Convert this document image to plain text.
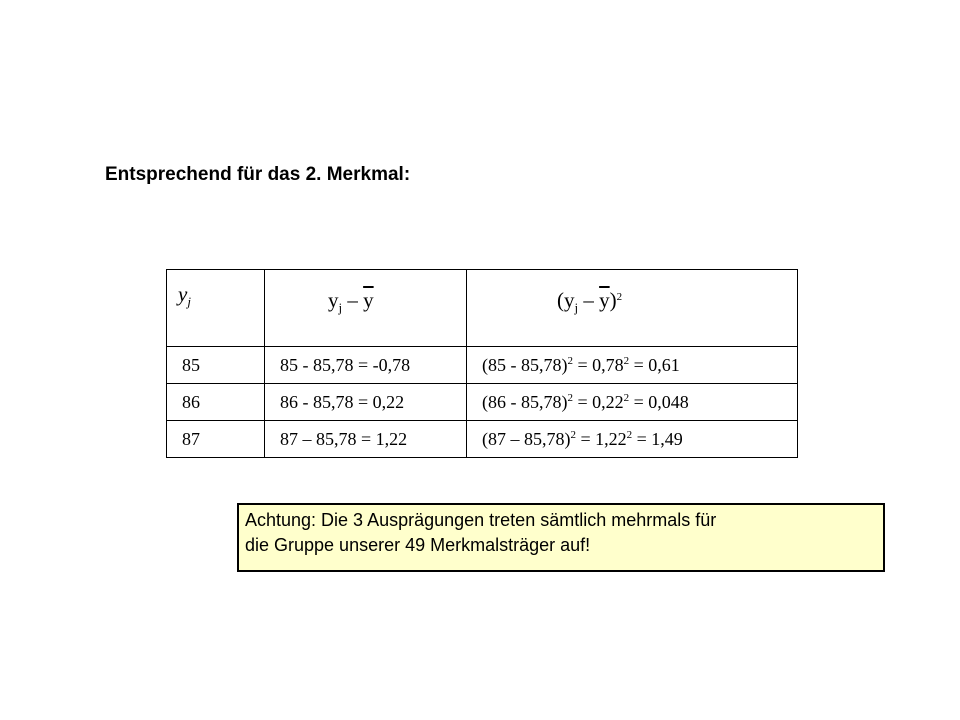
Entsprechend für das 2. Merkmal:
$y_j$	$y_j - \overline{y}$	$(y_j - \overline{y})^2$
85	85 - 85,78 = -0,78	$(85 - 85,78)^2 = 0,78^2 = 0,61$
86	86 - 85,78 = 0,22	$(86 - 85,78)^2 = 0,22^2 = 0,048$
87	87 – 85,78 = 1,22	$(87 - 85,78)^2 = 1,22^2 = 1,49$
Achtung: Die 3 Ausprägungen treten sämtlich mehrmals für
die Gruppe unserer 49 Merkmalsträger auf!
